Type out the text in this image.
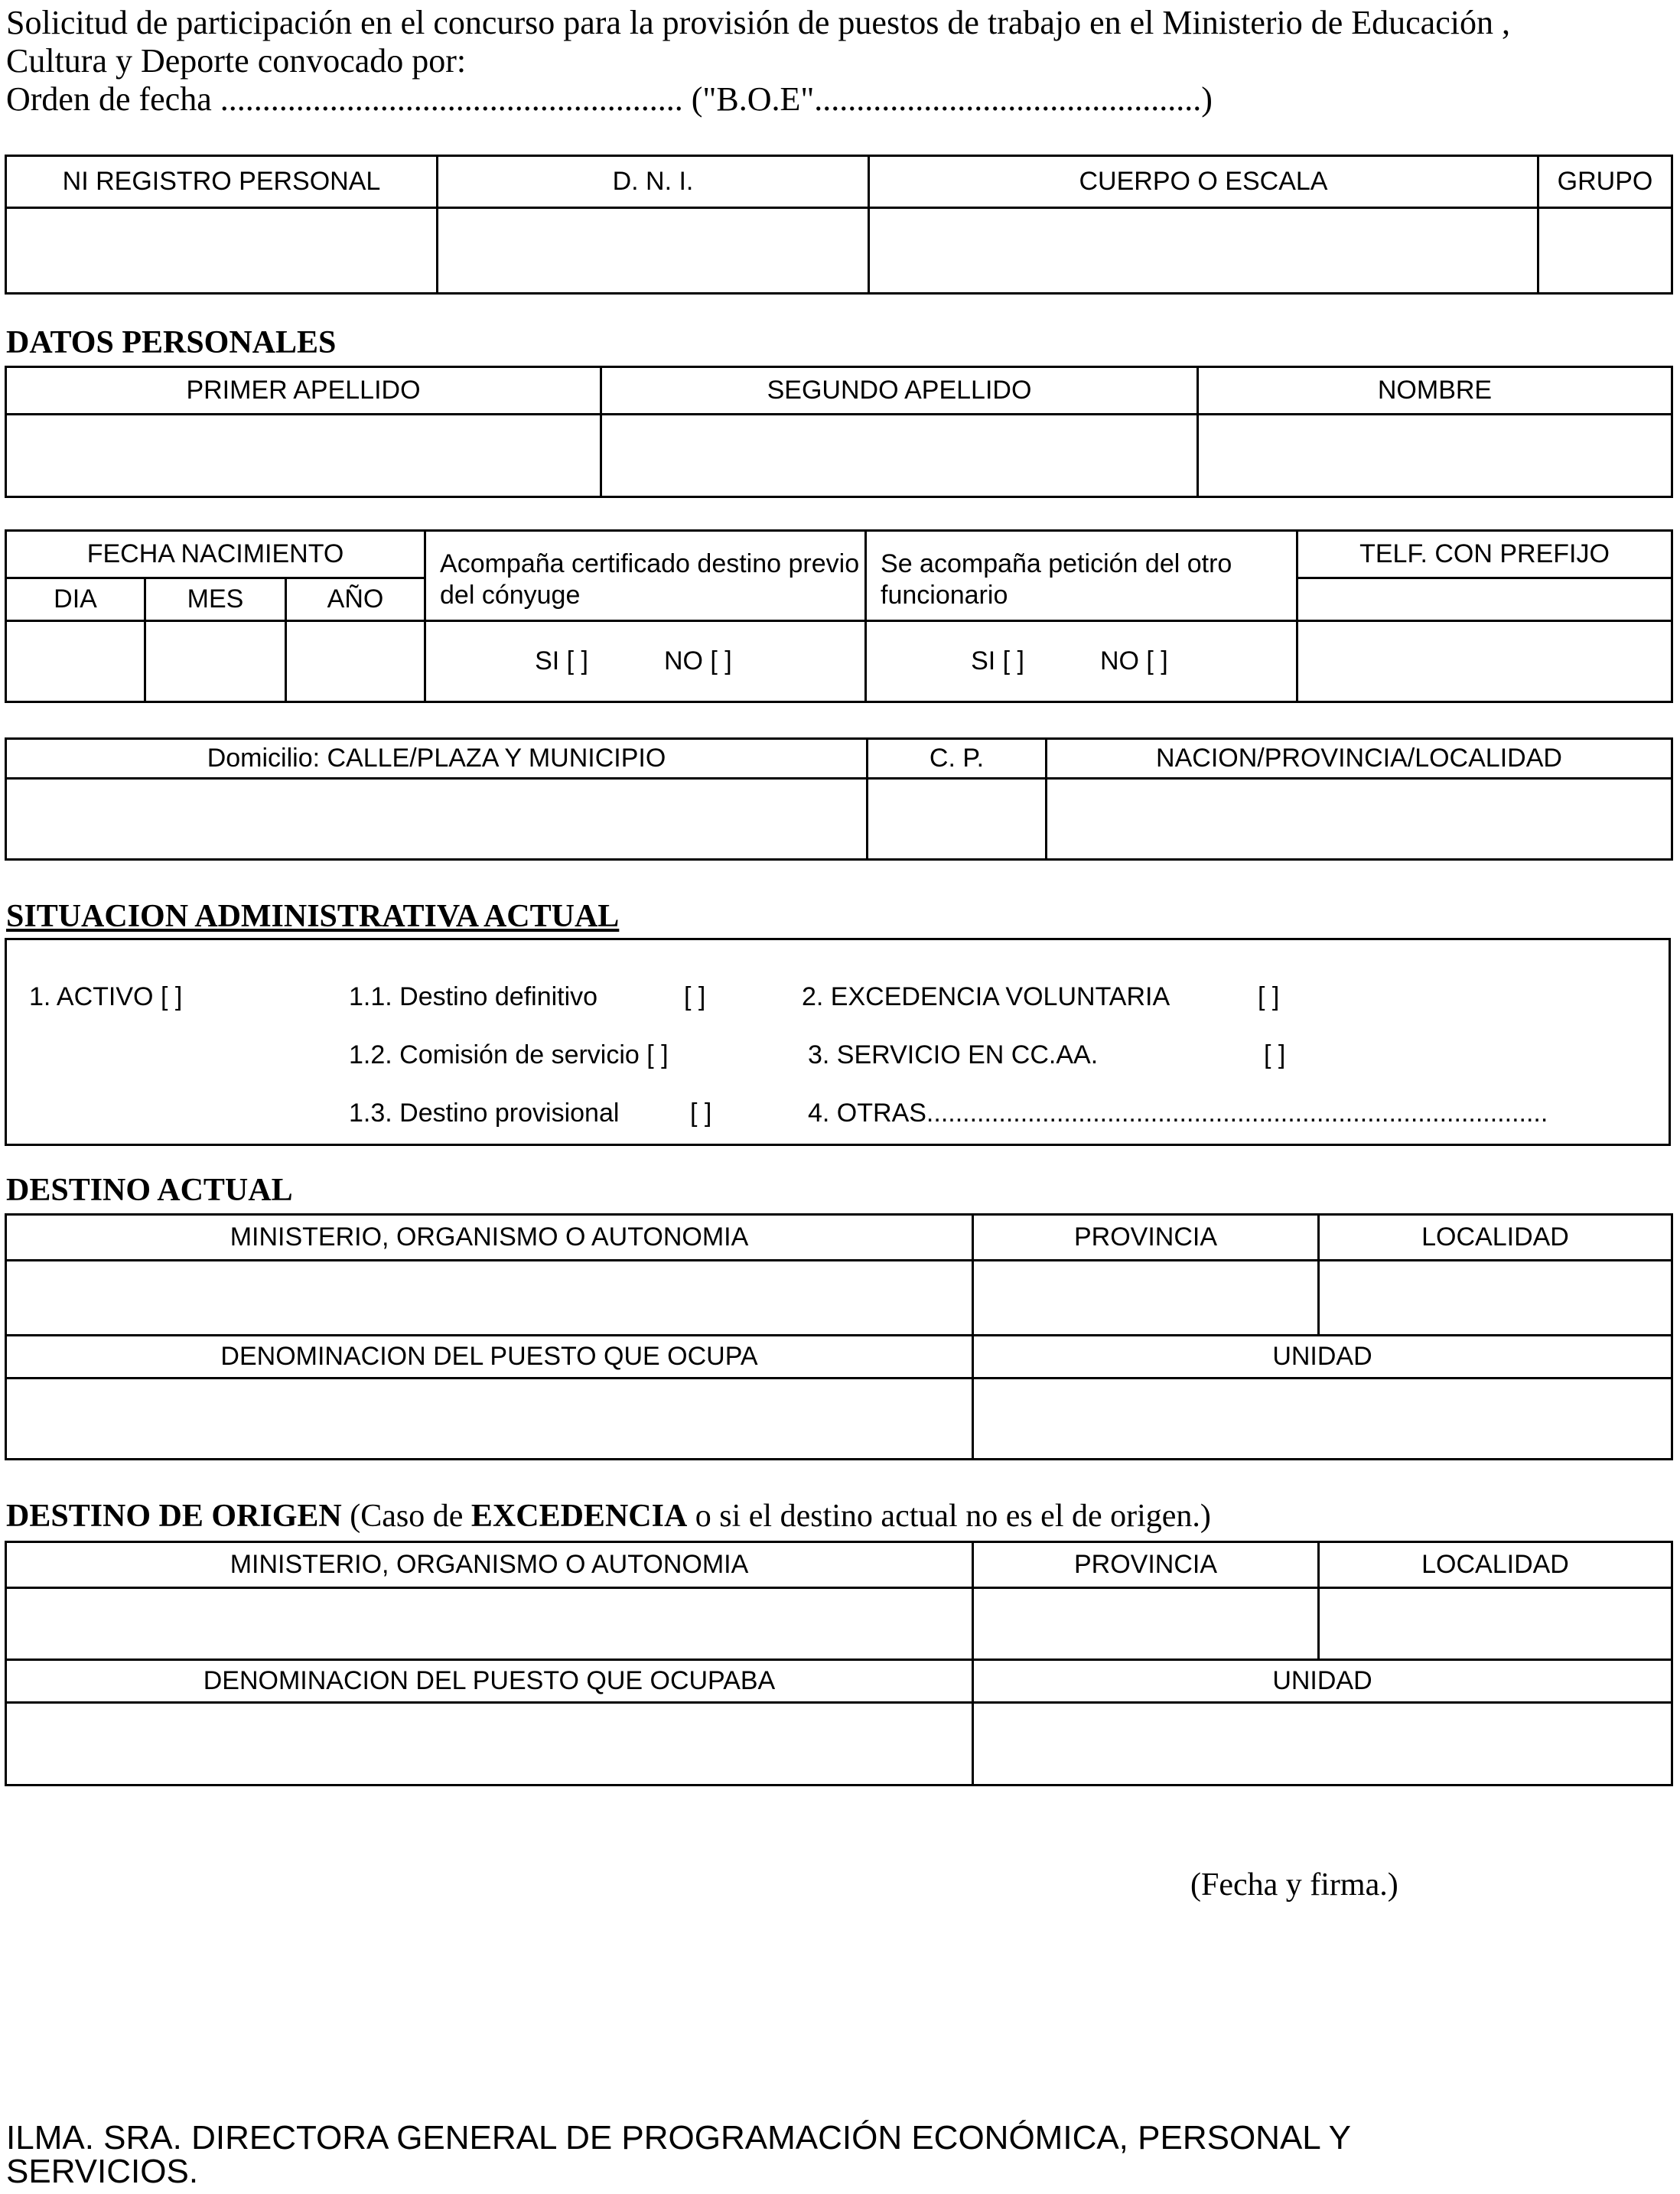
Solicitud de participación en el concurso para la provisión de puestos de trabajo en el Ministerio de Educación ,
Cultura y Deporte convocado por:
Orden de fecha ....................................................... ("B.O.E"..............................................)
NI REGISTRO PERSONAL	D. N. I.	CUERPO O ESCALA	GRUPO

DATOS PERSONALES
PRIMER APELLIDO	SEGUNDO APELLIDO	NOMBRE

FECHA NACIMIENTO			Acompaña certificado destino previo del cónyuge	Se acompaña petición del otro funcionario	TELF. CON PREFIJO
DIA	MES	AÑO			
			SI [ ] NO [ ]	SI [ ] NO [ ]	
Domicilio: CALLE/PLAZA Y MUNICIPIO	C. P.	NACION/PROVINCIA/LOCALIDAD

SITUACION ADMINISTRATIVA ACTUAL
1. ACTIVO [ ]	1.1. Destino definitivo	[ ]
1.2. Comisión de servicio [ ]
1.3. Destino provisional	[ ]
2. EXCEDENCIA VOLUNTARIA	[ ]
3. SERVICIO EN CC.AA.	[ ]
4. OTRAS......................................................................................
DESTINO ACTUAL
MINISTERIO, ORGANISMO O AUTONOMIA	PROVINCIA	LOCALIDAD

DENOMINACION DEL PUESTO QUE OCUPA	UNIDAD	

DESTINO DE ORIGEN (Caso de EXCEDENCIA o si el destino actual no es el de origen.)
MINISTERIO, ORGANISMO O AUTONOMIA	PROVINCIA	LOCALIDAD

DENOMINACION DEL PUESTO QUE OCUPABA	UNIDAD	

(Fecha y firma.)
ILMA. SRA. DIRECTORA GENERAL DE PROGRAMACIÓN ECONÓMICA, PERSONAL Y
SERVICIOS.
